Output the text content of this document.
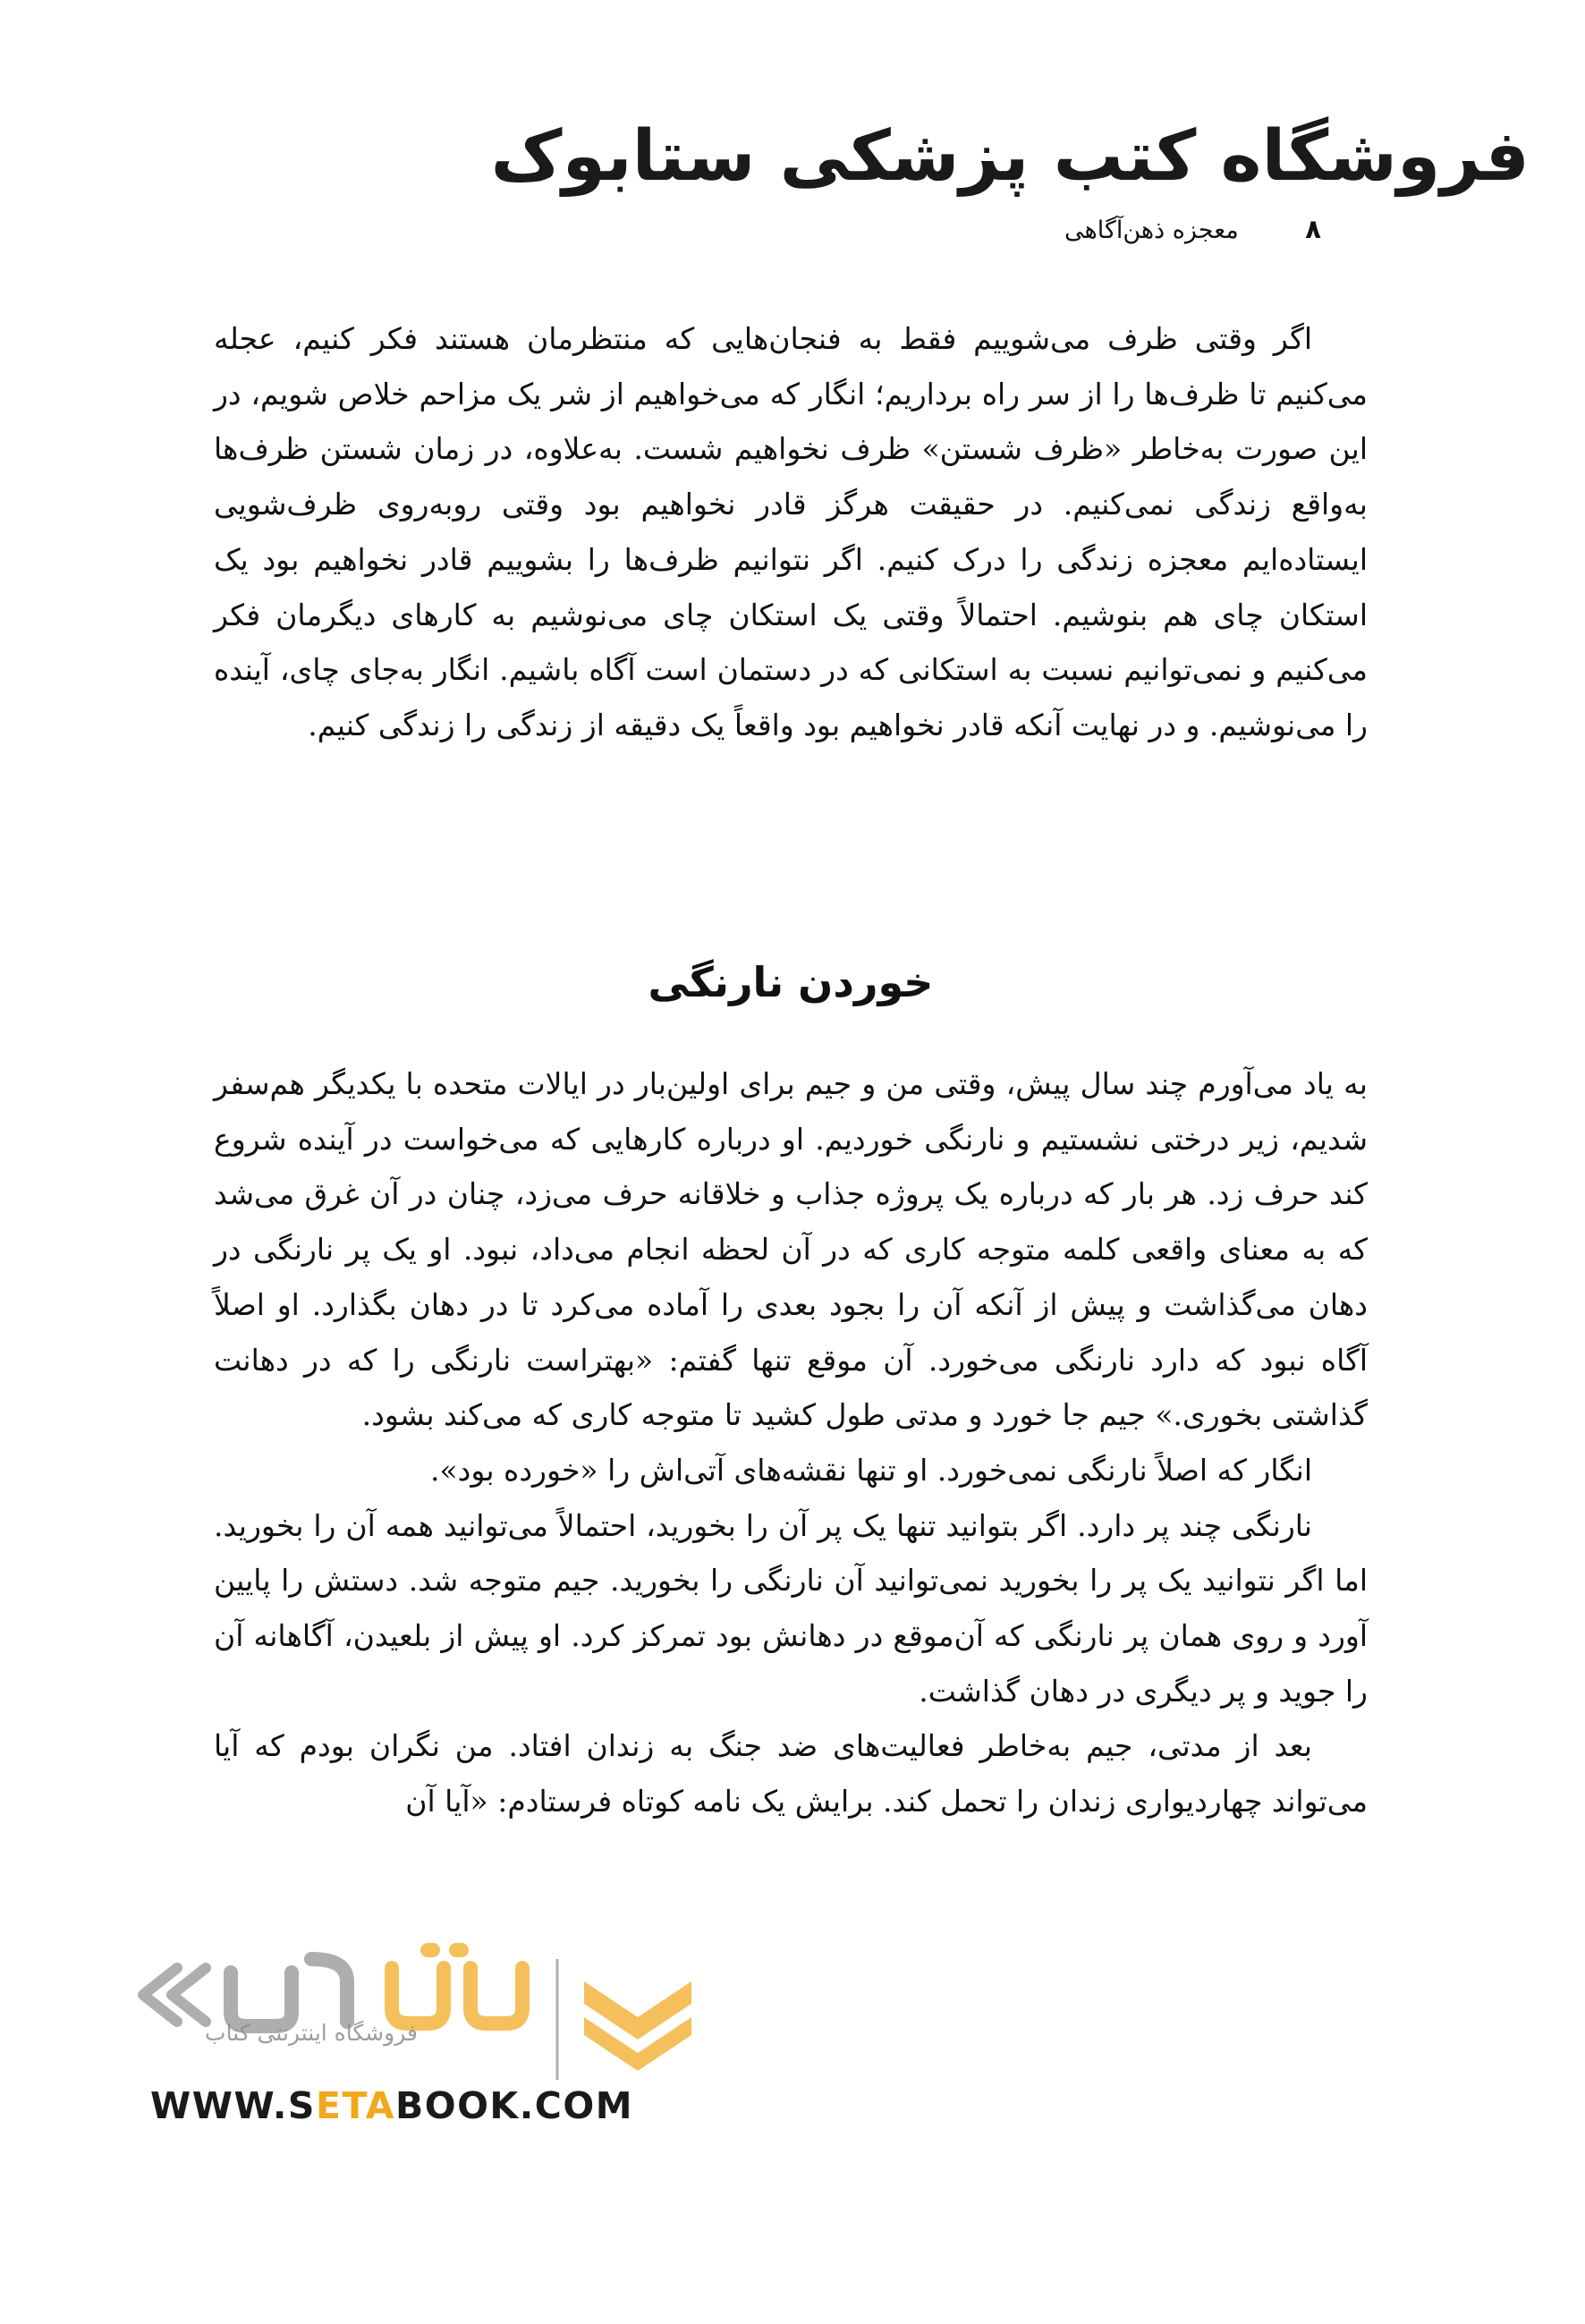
فروشگاه کتب پزشکی ستابوک
۸ معجزه ذهن‌آگاهی

اگر وقتی ظرف می‌شوییم فقط به فنجان‌هایی که منتظرمان هستند فکر کنیم، عجله می‌کنیم تا ظرف‌ها را از سر راه برداریم؛ انگار که می‌خواهیم از شر یک مزاحم خلاص شویم، در این صورت به‌خاطر «ظرف شستن» ظرف نخواهیم شست. به‌علاوه، در زمان شستن ظرف‌ها به‌واقع زندگی نمی‌کنیم. در حقیقت هرگز قادر نخواهیم بود وقتی روبه‌روی ظرف‌شویی ایستاده‌ایم معجزه زندگی را درک کنیم. اگر نتوانیم ظرف‌ها را بشوییم قادر نخواهیم بود یک استکان چای هم بنوشیم. احتمالاً وقتی یک استکان چای می‌نوشیم به کارهای دیگرمان فکر می‌کنیم و نمی‌توانیم نسبت به استکانی که در دستمان است آگاه باشیم. انگار به‌جای چای، آینده را می‌نوشیم. و در نهایت آنکه قادر نخواهیم بود واقعاً یک دقیقه از زندگی را زندگی کنیم.

خوردن نارنگی

به یاد می‌آورم چند سال پیش، وقتی من و جیم برای اولین‌بار در ایالات متحده با یکدیگر هم‌سفر شدیم، زیر درختی نشستیم و نارنگی خوردیم. او درباره کارهایی که می‌خواست در آینده شروع کند حرف زد. هر بار که درباره یک پروژه جذاب و خلاقانه حرف می‌زد، چنان در آن غرق می‌شد که به معنای واقعی کلمه متوجه کاری که در آن لحظه انجام می‌داد، نبود. او یک پر نارنگی در دهان می‌گذاشت و پیش از آنکه آن را بجود بعدی را آماده می‌کرد تا در دهان بگذارد. او اصلاً آگاه نبود که دارد نارنگی می‌خورد. آن موقع تنها گفتم: «بهتراست نارنگی را که در دهانت گذاشتی بخوری.» جیم جا خورد و مدتی طول کشید تا متوجه کاری که می‌کند بشود.

انگار که اصلاً نارنگی نمی‌خورد. او تنها نقشه‌های آتی‌اش را «خورده بود».

نارنگی چند پر دارد. اگر بتوانید تنها یک پر آن را بخورید، احتمالاً می‌توانید همه آن را بخورید. اما اگر نتوانید یک پر را بخورید نمی‌توانید آن نارنگی را بخورید. جیم متوجه شد. دستش را پایین آورد و روی همان پر نارنگی که آن‌موقع در دهانش بود تمرکز کرد. او پیش از بلعیدن، آگاهانه آن را جوید و پر دیگری در دهان گذاشت.

بعد از مدتی، جیم به‌خاطر فعالیت‌های ضد جنگ به زندان افتاد. من نگران بودم که آیا می‌تواند چهاردیواری زندان را تحمل کند. برایش یک نامه کوتاه فرستادم: «آیا آن

فروشگاه اینترنتی کتاب
WWW.SETABOOK.COM
